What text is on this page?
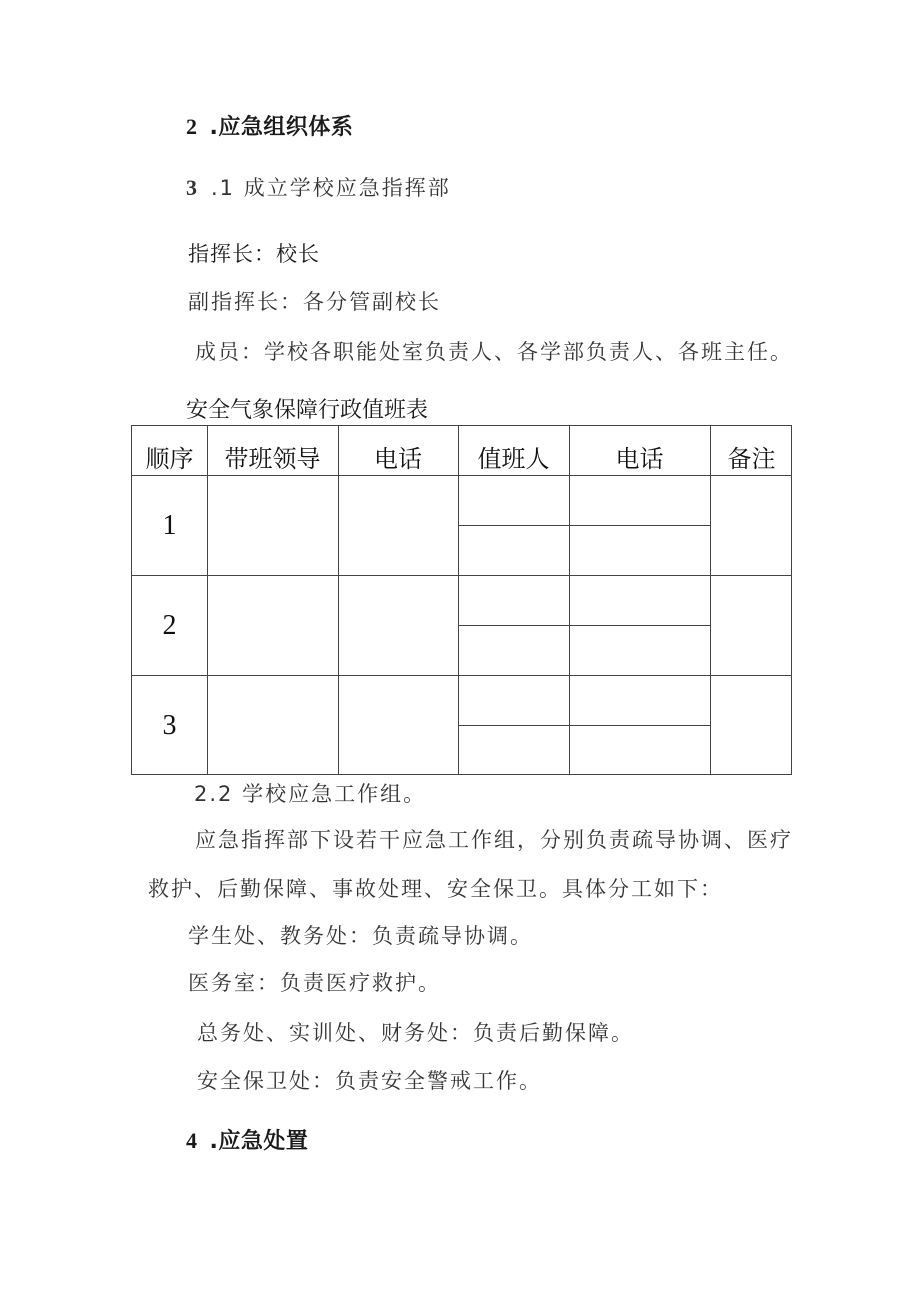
2 .应急组织体系
3 .1 成立学校应急指挥部
指挥长：校长
副指挥长：各分管副校长
成员：学校各职能处室负责人、各学部负责人、各班主任。
安全气象保障行政值班表
顺序	带班领导	电话	值班人	电话	备注
1
2
3
2.2 学校应急工作组。
应急指挥部下设若干应急工作组，分别负责疏导协调、医疗
救护、后勤保障、事故处理、安全保卫。具体分工如下：
学生处、教务处：负责疏导协调。
医务室：负责医疗救护。
总务处、实训处、财务处：负责后勤保障。
安全保卫处：负责安全警戒工作。
4 .应急处置
